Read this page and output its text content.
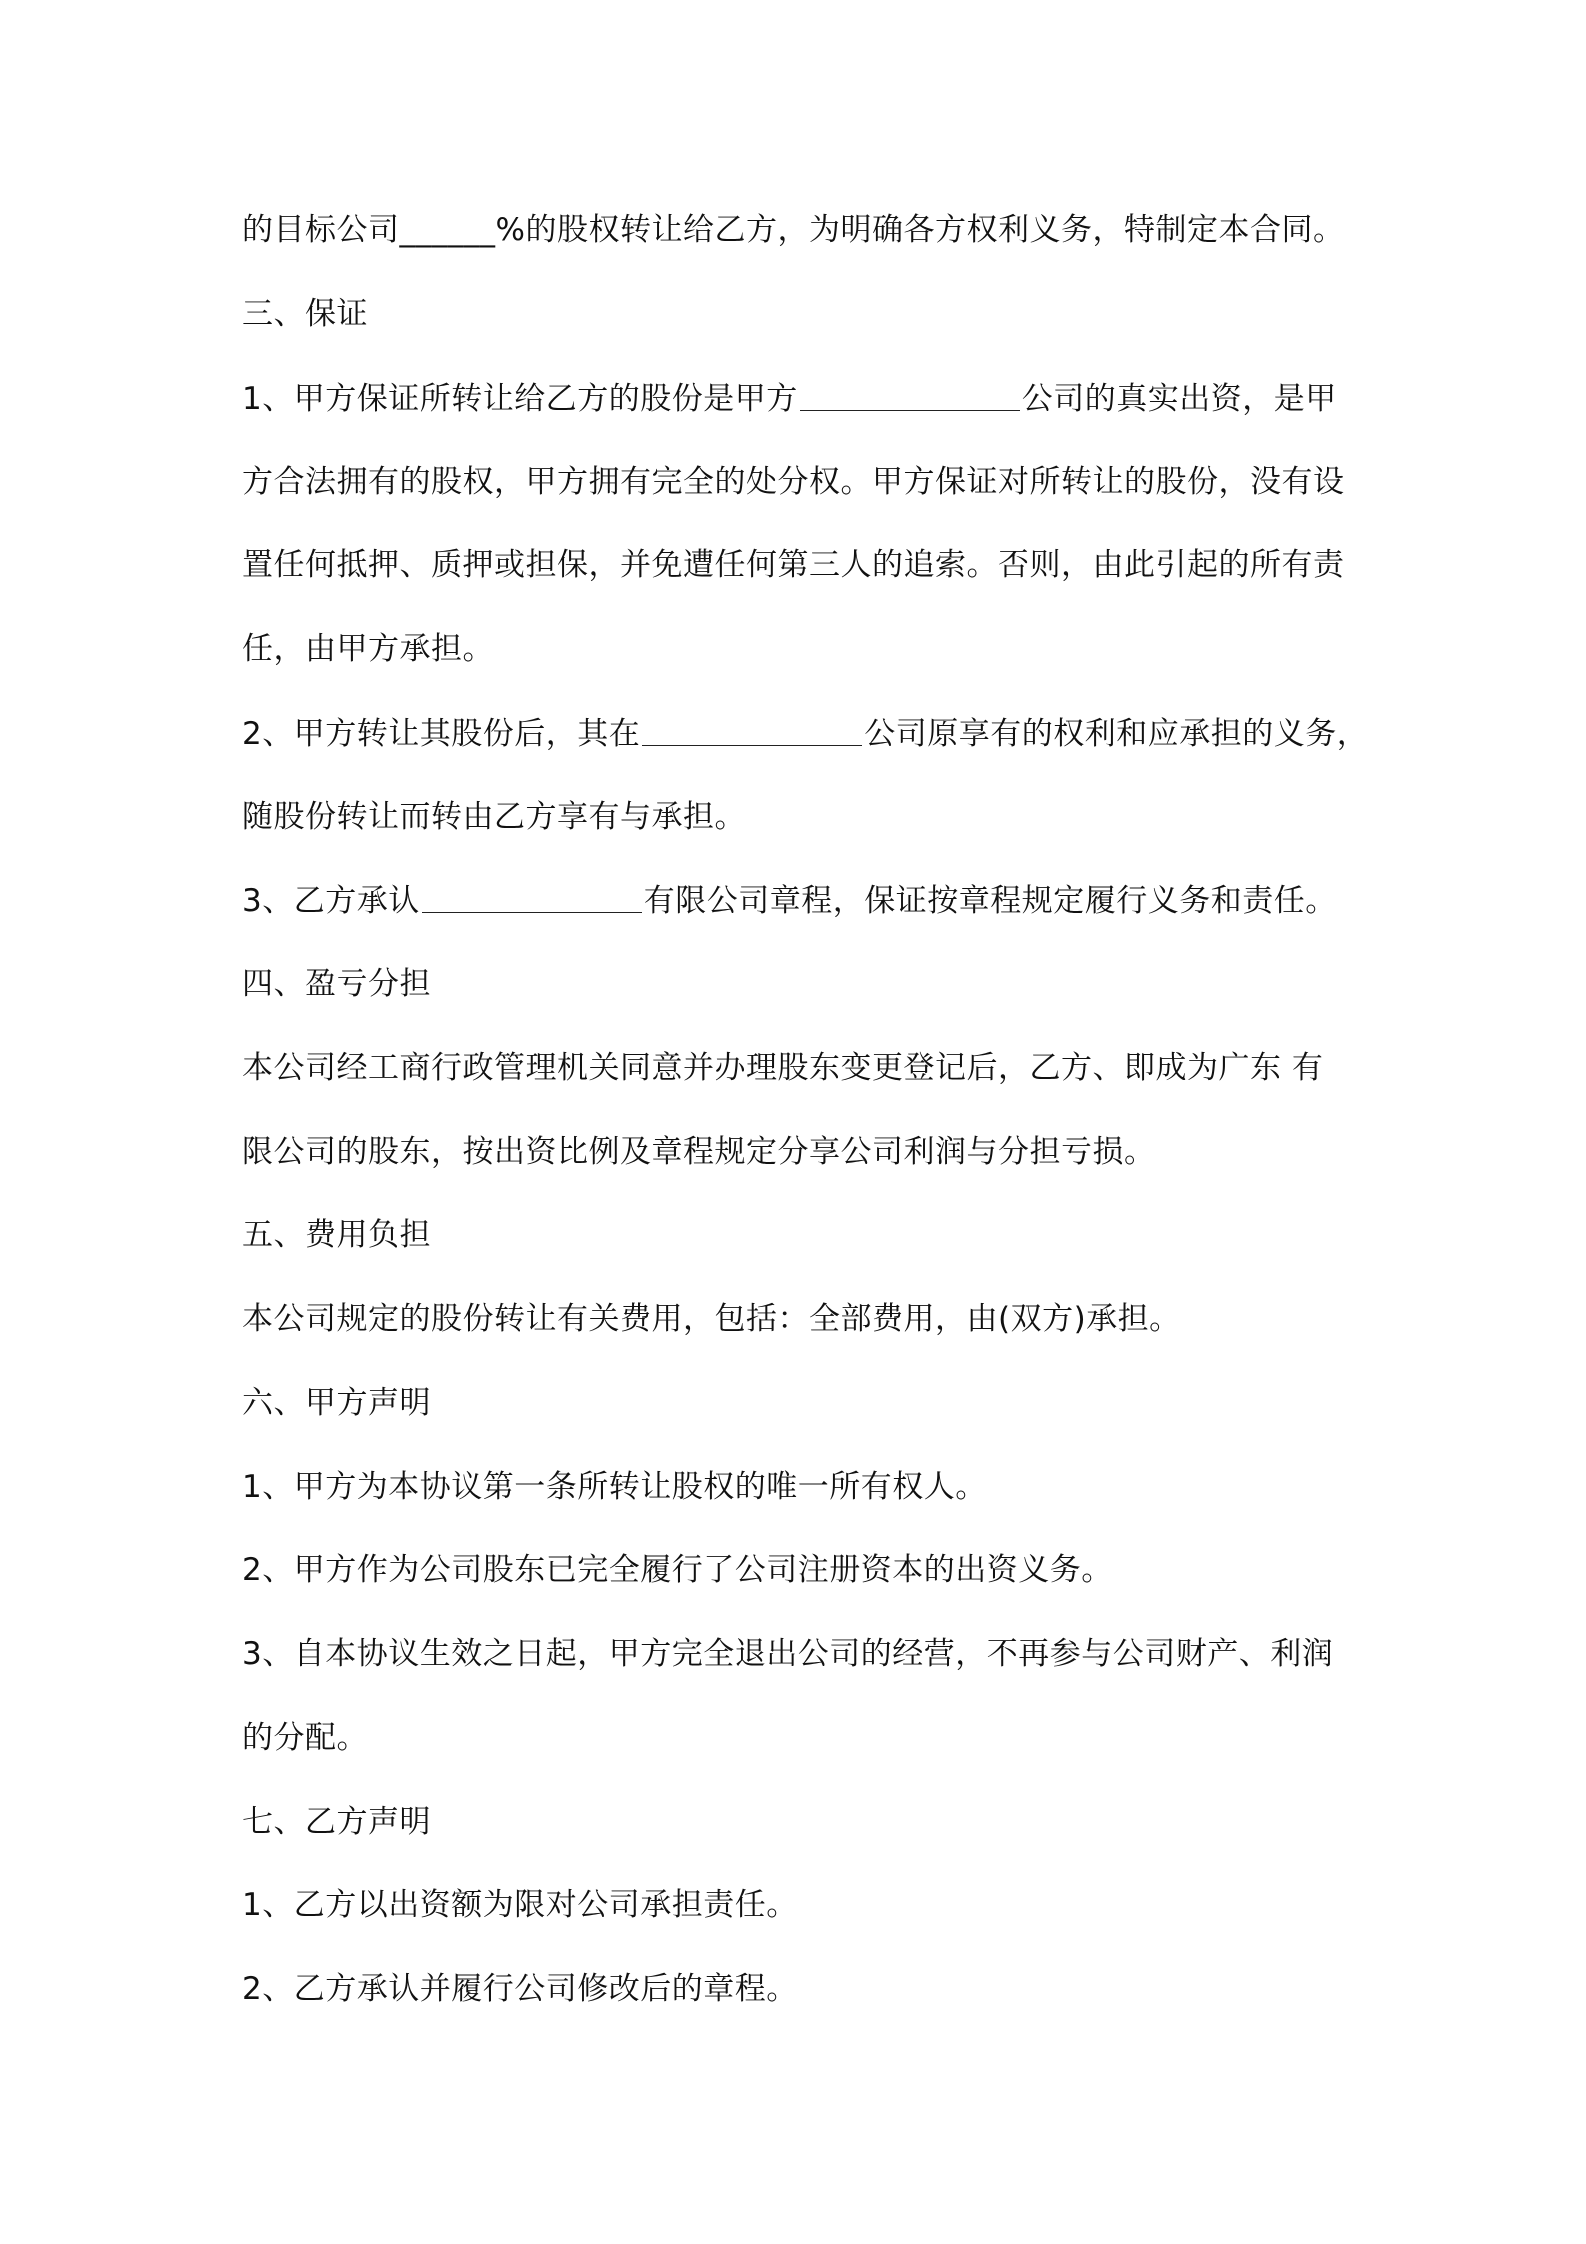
的目标公司______%的股权转让给乙方，为明确各方权利义务，特制定本合同。
三、保证
1、甲方保证所转让给乙方的股份是甲方	公司的真实出资，是甲
方合法拥有的股权，甲方拥有完全的处分权。甲方保证对所转让的股份，没有设
置任何抵押、质押或担保，并免遭任何第三人的追索。否则，由此引起的所有责
任，由甲方承担。
2、甲方转让其股份后，其在	公司原享有的权利和应承担的义务，
随股份转让而转由乙方享有与承担。
3、乙方承认	有限公司章程，保证按章程规定履行义务和责任。
四、盈亏分担
本公司经工商行政管理机关同意并办理股东变更登记后，乙方、即成为广东 有
限公司的股东，按出资比例及章程规定分享公司利润与分担亏损。
五、费用负担
本公司规定的股份转让有关费用，包括：全部费用，由(双方)承担。
六、甲方声明
1、甲方为本协议第一条所转让股权的唯一所有权人。
2、甲方作为公司股东已完全履行了公司注册资本的出资义务。
3、自本协议生效之日起，甲方完全退出公司的经营，不再参与公司财产、利润
的分配。
七、乙方声明
1、乙方以出资额为限对公司承担责任。
2、乙方承认并履行公司修改后的章程。
